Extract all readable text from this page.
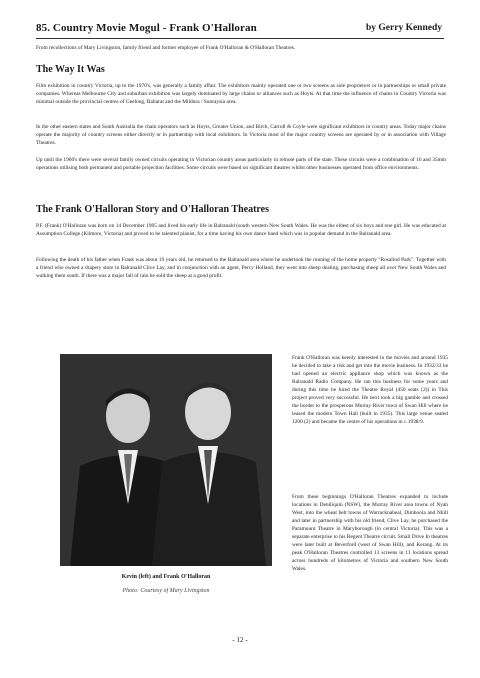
85. Country Movie Mogul - Frank O'Halloran	by Gerry Kennedy

From recollections of Mary Livingston, family friend and former employee of Frank O'Halloran & O'Halloran Theatres.

The Way It Was

Film exhibition in country Victoria, up to the 1970's, was generally a family affair. The exhibitors mainly operated one or two screens as sole proprietors or in partnerships or small private companies. Whereas Melbourne City and suburban exhibition was largely dominated by large chains or alliances such as Hoyts. At that time the influence of chains in Country Victoria was minimal outside the provincial centres of Geelong, Ballarat and the Mildura / Sunraysia area.

In the other eastern states and South Australia the chain operators such as Hoyts, Greater Union, and Birch, Carroll & Coyle were significant exhibitors in country areas. Today major chains operate the majority of country screens either directly or in partnership with local exhibitors. In Victoria most of the major country screens are operated by or in association with Village Theatres.

Up until the 1960's there were several family owned circuits operating in Victorian country areas particularly in remote parts of the state. These circuits were a combination of 16 and 35mm operations utilising both permanent and portable projection facilities. Some circuits were based on significant theatres whilst other businesses operated from office environments.

The Frank O'Halloran Story and O'Halloran Theatres

P.F. (Frank) O'Halloran was born on 14 December 1905 and lived his early life in Balranald (south western New South Wales. He was the eldest of six boys and one girl. He was educated at Assumption College (Kilmore, Victoria) and proved to be talented pianist, for a time having his own dance band which was in popular demand in the Balranald area.

Following the death of his father when Frank was about 19 years old, he returned to the Balranald area where he undertook the running of the home property "Rosalind Park". Together with a friend who owned a drapery store in Balranald Clive Lay, and in conjunction with an agent, Percy Holland, they went into sheep dealing, purchasing sheep all over New South Wales and walking them south. If there was a major fall of rain he sold the sheep at a good profit.

Kevin (left) and Frank O'Halloran
Photo: Courtesy of Mary Livingston

Frank O'Halloran was keenly interested in the movies and around 1935 he decided to take a risk and get into the movie business. In 1932/33 he had opened an electric appliance shop which was known as the Balranald Radio Company. He ran this business for some years and during this time he hired the Theatre Royal (450 seats (2)) in This project proved very successful. He next took a big gamble and crossed the border to the prosperous Murray River town of Swan Hill where he leased the modern Town Hall (built in 1935). This large venue seated 1200 (2) and became the centre of his operations in c.1938/9.

From these beginnings O'Halloran Theatres expanded to include locations in Deniliquin (NSW), the Murray River area towns of Nyah West, into the wheat belt towns of Warracknabeal, Dimboola and Nhill and later in partnership with his old friend, Clive Lay, he purchased the Paramount Theatre in Maryborough (in central Victoria). This was a separate enterprise to his Regent Theatre circuit. Small Drive In theatres were later built at Beverford (west of Swan Hill), and Kerang. At its peak O'Halloran Theatres controlled 13 screens in 11 locations spread across hundreds of kilometres of Victoria and southern New South Wales.

- 12 -
